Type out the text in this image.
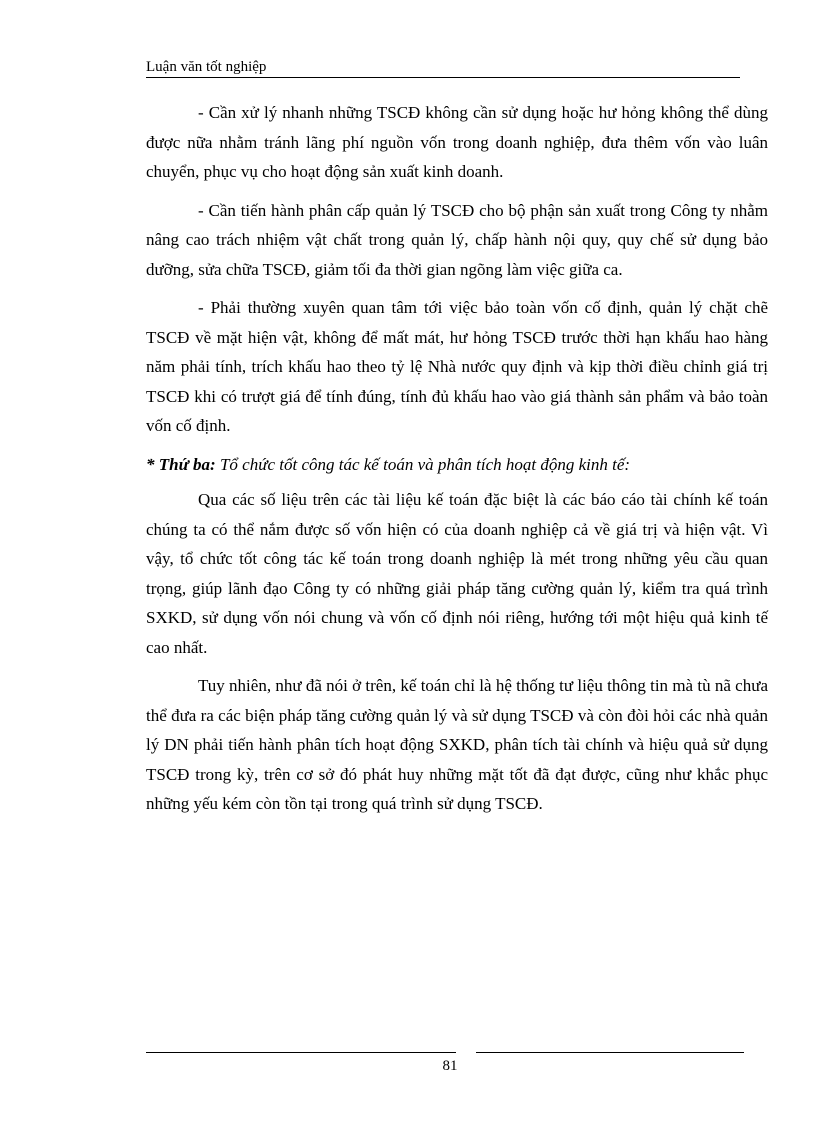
Luận văn tốt nghiệp

- Cần xử lý nhanh những TSCĐ không cần sử dụng hoặc hư hỏng không thể dùng được nữa nhằm tránh lãng phí nguồn vốn trong doanh nghiệp, đưa thêm vốn vào luân chuyển, phục vụ cho hoạt động sản xuất kinh doanh.

- Cần tiến hành phân cấp quản lý TSCĐ cho bộ phận sản xuất trong Công ty nhằm nâng cao trách nhiệm vật chất trong quản lý, chấp hành nội quy, quy chế sử dụng bảo dưỡng, sửa chữa TSCĐ, giảm tối đa thời gian ngõng làm việc giữa ca.

- Phải thường xuyên quan tâm tới việc bảo toàn vốn cố định, quản lý chặt chẽ TSCĐ về mặt hiện vật, không để mất mát, hư hỏng TSCĐ trước thời hạn khấu hao hàng năm phải tính, trích khấu hao theo tỷ lệ Nhà nước quy định và kịp thời điều chỉnh giá trị TSCĐ khi có trượt giá để tính đúng, tính đủ khấu hao vào giá thành sản phẩm và bảo toàn vốn cố định.

* Thứ ba: Tổ chức tốt công tác kế toán và phân tích hoạt động kinh tế:

Qua các số liệu trên các tài liệu kế toán đặc biệt là các báo cáo tài chính kế toán chúng ta có thể nắm được số vốn hiện có của doanh nghiệp cả về giá trị và hiện vật. Vì vậy, tổ chức tốt công tác kế toán trong doanh nghiệp là mét trong những yêu cầu quan trọng, giúp lãnh đạo Công ty có những giải pháp tăng cường quản lý, kiểm tra quá trình SXKD, sử dụng vốn nói chung và vốn cố định nói riêng, hướng tới một hiệu quả kinh tế cao nhất.

Tuy nhiên, như đã nói ở trên, kế toán chỉ là hệ thống tư liệu thông tin mà tù nã chưa thể đưa ra các biện pháp tăng cường quản lý và sử dụng TSCĐ và còn đòi hỏi các nhà quản lý DN phải tiến hành phân tích hoạt động SXKD, phân tích tài chính và hiệu quả sử dụng TSCĐ trong kỳ, trên cơ sở đó phát huy những mặt tốt đã đạt được, cũng như khắc phục những yếu kém còn tồn tại trong quá trình sử dụng TSCĐ.

81
